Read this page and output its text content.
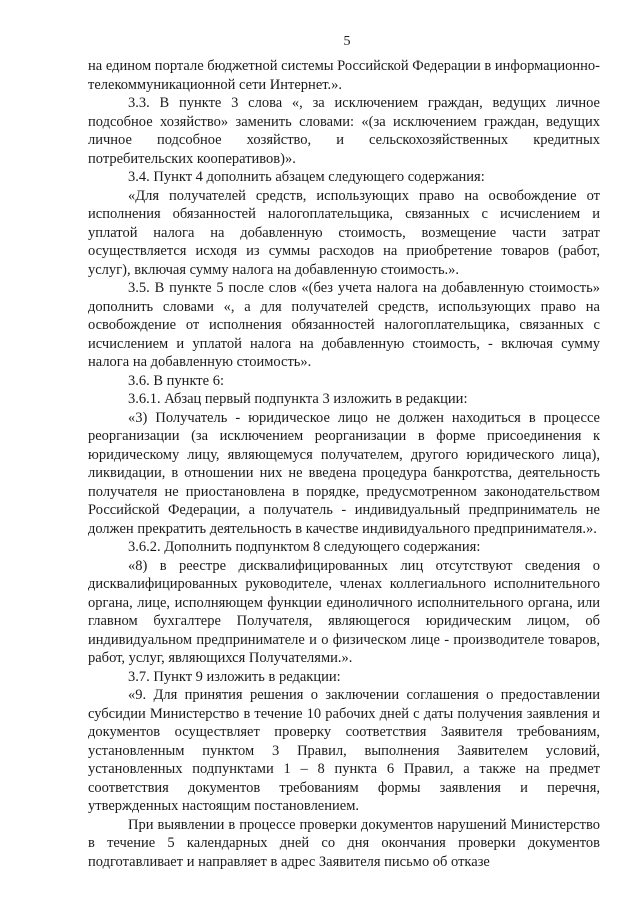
5

на едином портале бюджетной системы Российской Федерации в информационно-телекоммуникационной сети Интернет.».

3.3. В пункте 3 слова «, за исключением граждан, ведущих личное подсобное хозяйство» заменить словами: «(за исключением граждан, ведущих личное подсобное хозяйство, и сельскохозяйственных кредитных потребительских кооперативов)».

3.4. Пункт 4 дополнить абзацем следующего содержания:

«Для получателей средств, использующих право на освобождение от исполнения обязанностей налогоплательщика, связанных с исчислением и уплатой налога на добавленную стоимость, возмещение части затрат осуществляется исходя из суммы расходов на приобретение товаров (работ, услуг), включая сумму налога на добавленную стоимость.».

3.5. В пункте 5 после слов «(без учета налога на добавленную стоимость» дополнить словами «, а для получателей средств, использующих право на освобождение от исполнения обязанностей налогоплательщика, связанных с исчислением и уплатой налога на добавленную стоимость, - включая сумму налога на добавленную стоимость».

3.6. В пункте 6:

3.6.1. Абзац первый подпункта 3 изложить в редакции:

«3) Получатель - юридическое лицо не должен находиться в процессе реорганизации (за исключением реорганизации в форме присоединения к юридическому лицу, являющемуся получателем, другого юридического лица), ликвидации, в отношении них не введена процедура банкротства, деятельность получателя не приостановлена в порядке, предусмотренном законодательством Российской Федерации, а получатель - индивидуальный предприниматель не должен прекратить деятельность в качестве индивидуального предпринимателя.».

3.6.2. Дополнить подпунктом 8 следующего содержания:

«8) в реестре дисквалифицированных лиц отсутствуют сведения о дисквалифицированных руководителе, членах коллегиального исполнительного органа, лице, исполняющем функции единоличного исполнительного органа, или главном бухгалтере Получателя, являющегося юридическим лицом, об индивидуальном предпринимателе и о физическом лице - производителе товаров, работ, услуг, являющихся Получателями.».

3.7. Пункт 9 изложить в редакции:

«9. Для принятия решения о заключении соглашения о предоставлении субсидии Министерство в течение 10 рабочих дней с даты получения заявления и документов осуществляет проверку соответствия Заявителя требованиям, установленным пунктом 3 Правил, выполнения Заявителем условий, установленных подпунктами 1 – 8 пункта 6 Правил, а также на предмет соответствия документов требованиям формы заявления и перечня, утвержденных настоящим постановлением.

При выявлении в процессе проверки документов нарушений Министерство в течение 5 календарных дней со дня окончания проверки документов подготавливает и направляет в адрес Заявителя письмо об отказе
